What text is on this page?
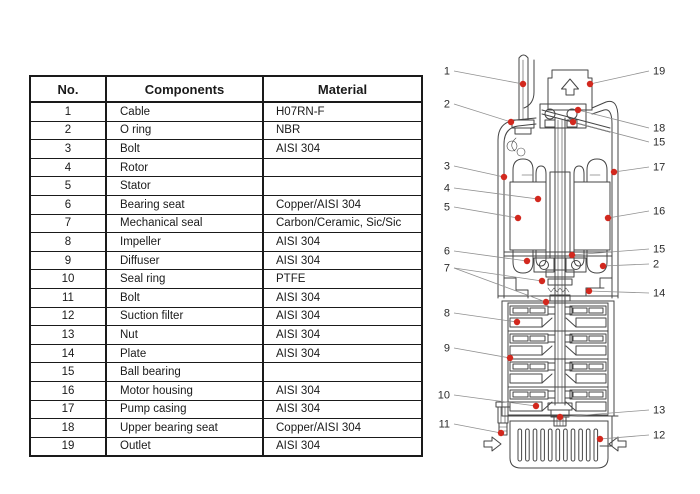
No.	Components	Material
1	Cable	H07RN-F
2	O ring	NBR
3	Bolt	AISI 304
4	Rotor	
5	Stator	
6	Bearing seat	Copper/AISI 304
7	Mechanical seal	Carbon/Ceramic, Sic/Sic
8	Impeller	AISI 304
9	Diffuser	AISI 304
10	Seal ring	PTFE
11	Bolt	AISI 304
12	Suction filter	AISI 304
13	Nut	AISI 304
14	Plate	AISI 304
15	Ball bearing	
16	Motor housing	AISI 304
17	Pump casing	AISI 304
18	Upper bearing seat	Copper/AISI 304
19	Outlet	AISI 304
1
2
3
4
5
6
7
8
9
10
11
19
18
15
17
16
15
2
14
13
12
